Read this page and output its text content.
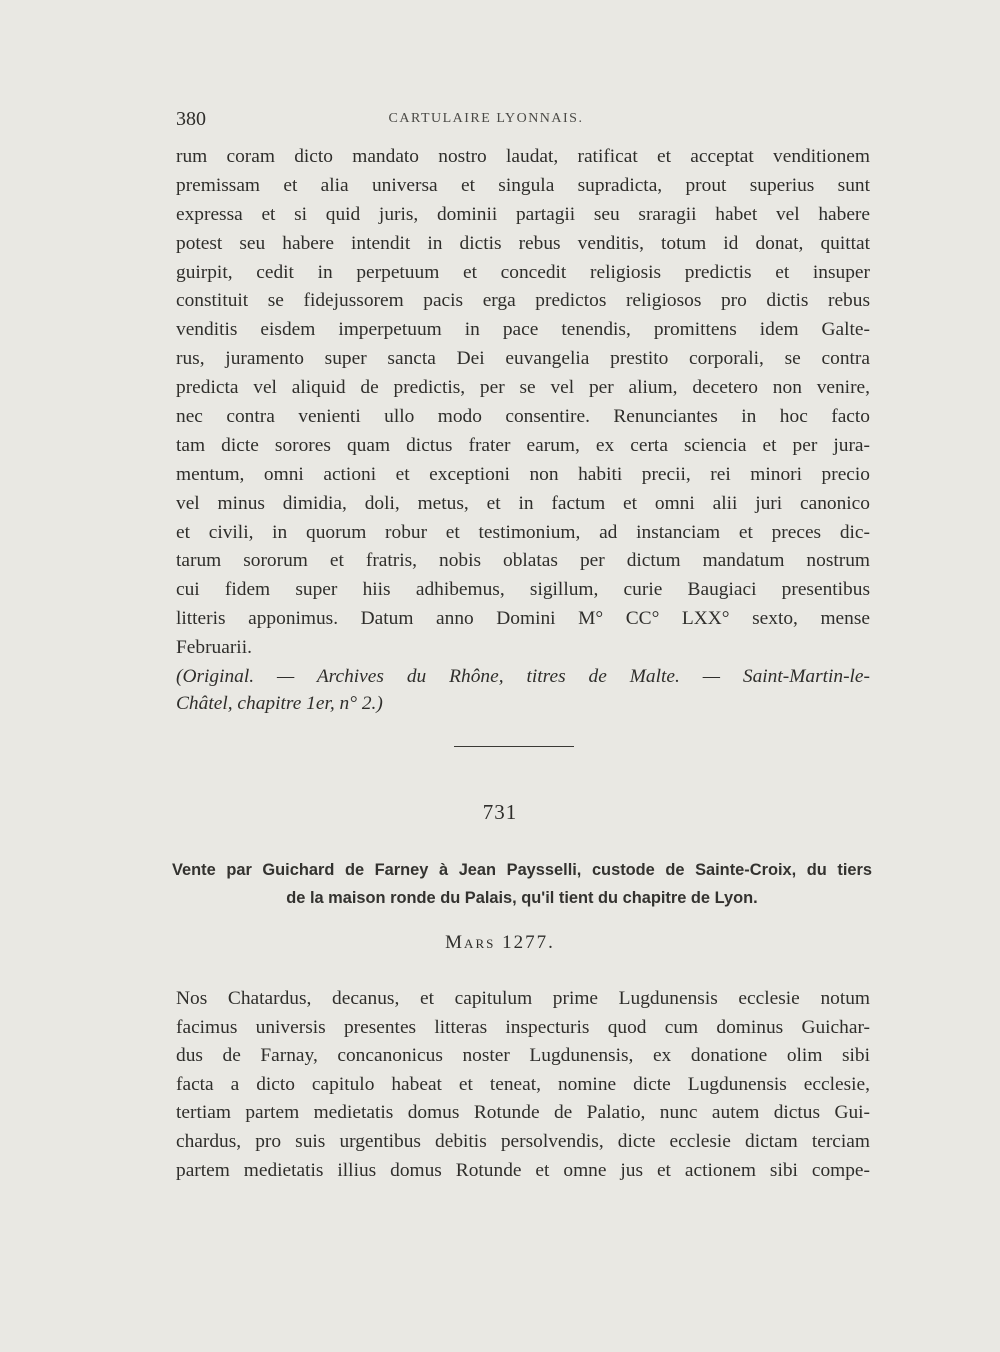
380	CARTULAIRE LYONNAIS.
rum coram dicto mandato nostro laudat, ratificat et acceptat venditionem
premissam et alia universa et singula supradicta, prout superius sunt
expressa et si quid juris, dominii partagii seu sraragii habet vel habere
potest seu habere intendit in dictis rebus venditis, totum id donat, quittat
guirpit, cedit in perpetuum et concedit religiosis predictis et insuper
constituit se fidejussorem pacis erga predictos religiosos pro dictis rebus
venditis eisdem imperpetuum in pace tenendis, promittens idem Galte-
rus, juramento super sancta Dei euvangelia prestito corporali, se contra
predicta vel aliquid de predictis, per se vel per alium, decetero non venire,
nec contra venienti ullo modo consentire. Renunciantes in hoc facto
tam dicte sorores quam dictus frater earum, ex certa sciencia et per jura-
mentum, omni actioni et exceptioni non habiti precii, rei minori precio
vel minus dimidia, doli, metus, et in factum et omni alii juri canonico
et civili, in quorum robur et testimonium, ad instanciam et preces dic-
tarum sororum et fratris, nobis oblatas per dictum mandatum nostrum
cui fidem super hiis adhibemus, sigillum, curie Baugiaci presentibus
litteris apponimus. Datum anno Domini M° CC° LXX° sexto, mense
Februarii.
(Original. — Archives du Rhône, titres de Malte. — Saint-Martin-le-
Châtel, chapitre 1er, n° 2.)
731
Vente par Guichard de Farney à Jean Paysselli, custode de Sainte-Croix, du tiers
de la maison ronde du Palais, qu'il tient du chapitre de Lyon.
Mars 1277.
Nos Chatardus, decanus, et capitulum prime Lugdunensis ecclesie notum
facimus universis presentes litteras inspecturis quod cum dominus Guichar-
dus de Farnay, concanonicus noster Lugdunensis, ex donatione olim sibi
facta a dicto capitulo habeat et teneat, nomine dicte Lugdunensis ecclesie,
tertiam partem medietatis domus Rotunde de Palatio, nunc autem dictus Gui-
chardus, pro suis urgentibus debitis persolvendis, dicte ecclesie dictam terciam
partem medietatis illius domus Rotunde et omne jus et actionem sibi compe-
